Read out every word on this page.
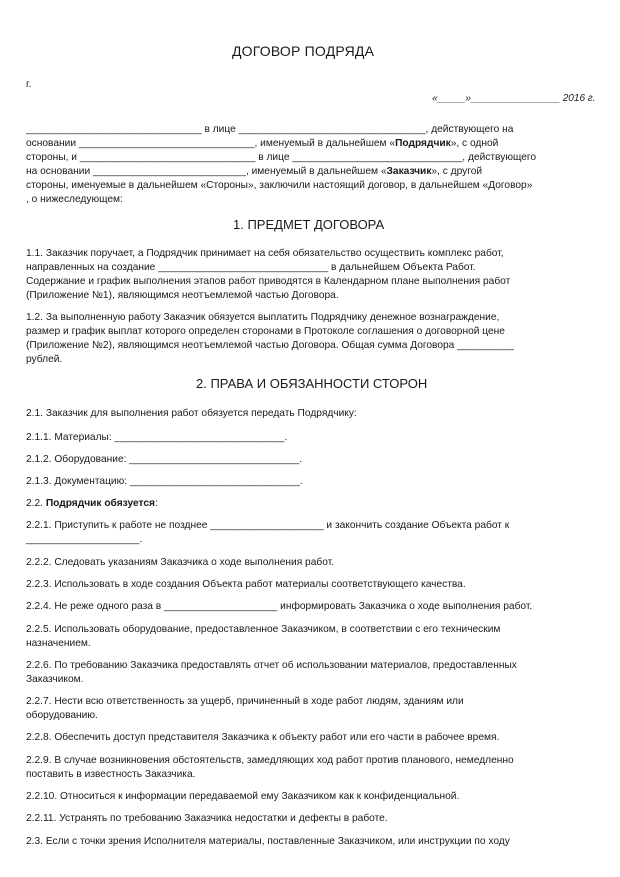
ДОГОВОР ПОДРЯДА
г.
«_____»________________ 2016 г.
_______________________________ в лице _________________________________, действующего на
основании _______________________________, именуемый в дальнейшем «Подрядчик», с одной
стороны, и _______________________________ в лице ______________________________, действующего
на основании ___________________________, именуемый в дальнейшем «Заказчик», с другой
стороны, именуемые в дальнейшем «Стороны», заключили настоящий договор, в дальнейшем «Договор»
, о нижеследующем:
1. ПРЕДМЕТ ДОГОВОРА
1.1. Заказчик поручает, а Подрядчик принимает на себя обязательство осуществить комплекс работ,
направленных на создание ______________________________ в дальнейшем Объекта Работ.
Содержание и график выполнения этапов работ приводятся в Календарном плане выполнения работ
(Приложение №1), являющимся неотъемлемой частью Договора.
1.2. За выполненную работу Заказчик обязуется выплатить Подрядчику денежное вознаграждение,
размер и график выплат которого определен сторонами в Протоколе соглашения о договорной цене
(Приложение №2), являющимся неотъемлемой частью Договора. Общая сумма Договора __________
рублей.
2. ПРАВА И ОБЯЗАННОСТИ СТОРОН
2.1. Заказчик для выполнения работ обязуется передать Подрядчику:
2.1.1. Материалы: ______________________________.
2.1.2. Оборудование: ______________________________.
2.1.3. Документацию: ______________________________.
2.2. Подрядчик обязуется:
2.2.1. Приступить к работе не позднее ____________________ и закончить создание Объекта работ к
____________________.
2.2.2. Следовать указаниям Заказчика о ходе выполнения работ.
2.2.3. Использовать в ходе создания Объекта работ материалы соответствующего качества.
2.2.4. Не реже одного раза в ____________________ информировать Заказчика о ходе выполнения работ.
2.2.5. Использовать оборудование, предоставленное Заказчиком, в соответствии с его техническим
назначением.
2.2.6. По требованию Заказчика предоставлять отчет об использовании материалов, предоставленных
Заказчиком.
2.2.7. Нести всю ответственность за ущерб, причиненный в ходе работ людям, зданиям или
оборудованию.
2.2.8. Обеспечить доступ представителя Заказчика к объекту работ или его части в рабочее время.
2.2.9. В случае возникновения обстоятельств, замедляющих ход работ против планового, немедленно
поставить в известность Заказчика.
2.2.10. Относиться к информации передаваемой ему Заказчиком как к конфиденциальной.
2.2.11. Устранять по требованию Заказчика недостатки и дефекты в работе.
2.3. Если с точки зрения Исполнителя материалы, поставленные Заказчиком, или инструкции по ходу
